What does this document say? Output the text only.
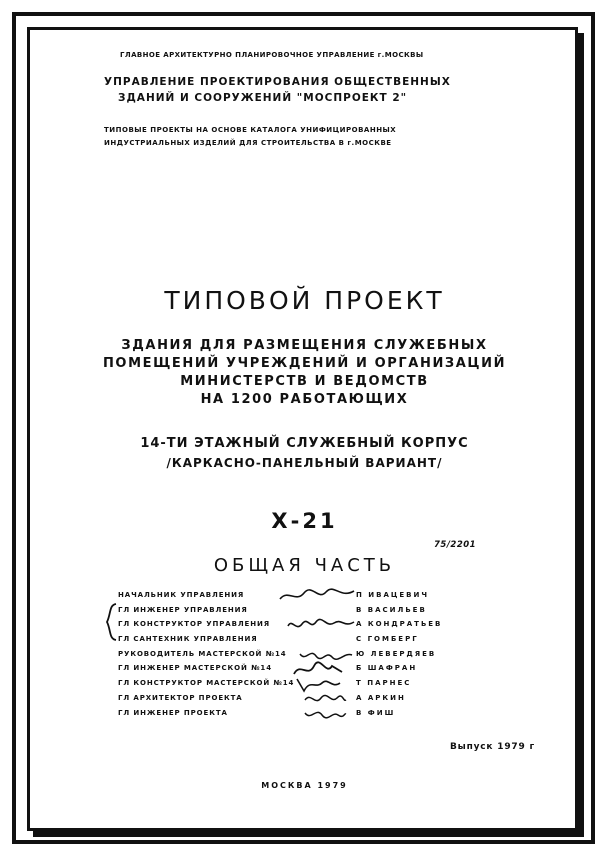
ГЛАВНОЕ АРХИТЕКТУРНО ПЛАНИРОВОЧНОЕ УПРАВЛЕНИЕ г.МОСКВЫ
УПРАВЛЕНИЕ ПРОЕКТИРОВАНИЯ ОБЩЕСТВЕННЫХ
ЗДАНИЙ И СООРУЖЕНИЙ "МОСПРОЕКТ 2"
ТИПОВЫЕ ПРОЕКТЫ НА ОСНОВЕ КАТАЛОГА УНИФИЦИРОВАННЫХ
ИНДУСТРИАЛЬНЫХ ИЗДЕЛИЙ ДЛЯ СТРОИТЕЛЬСТВА В г.МОСКВЕ
ТИПОВОЙ ПРОЕКТ
ЗДАНИЯ ДЛЯ РАЗМЕЩЕНИЯ СЛУЖЕБНЫХ
ПОМЕЩЕНИЙ УЧРЕЖДЕНИЙ И ОРГАНИЗАЦИЙ
МИНИСТЕРСТВ И ВЕДОМСТВ
НА 1200 РАБОТАЮЩИХ
14-ТИ ЭТАЖНЫЙ СЛУЖЕБНЫЙ КОРПУС
/КАРКАСНО-ПАНЕЛЬНЫЙ ВАРИАНТ/
Х-21
75/2201
ОБЩАЯ ЧАСТЬ
НАЧАЛЬНИК УПРАВЛЕНИЯ	П ИВАЦЕВИЧ
ГЛ ИНЖЕНЕР УПРАВЛЕНИЯ	В ВАСИЛЬЕВ
ГЛ КОНСТРУКТОР УПРАВЛЕНИЯ	А КОНДРАТЬЕВ
ГЛ САНТЕХНИК УПРАВЛЕНИЯ	С ГОМБЕРГ
РУКОВОДИТЕЛЬ МАСТЕРСКОЙ №14	Ю ЛЕВЕРДЯЕВ
ГЛ ИНЖЕНЕР МАСТЕРСКОЙ №14	Б ШАФРАН
ГЛ КОНСТРУКТОР МАСТЕРСКОЙ №14	Т ПАРНЕС
ГЛ АРХИТЕКТОР ПРОЕКТА	А АРКИН
ГЛ ИНЖЕНЕР ПРОЕКТА	В ФИШ
Выпуск 1979 г
МОСКВА 1979
